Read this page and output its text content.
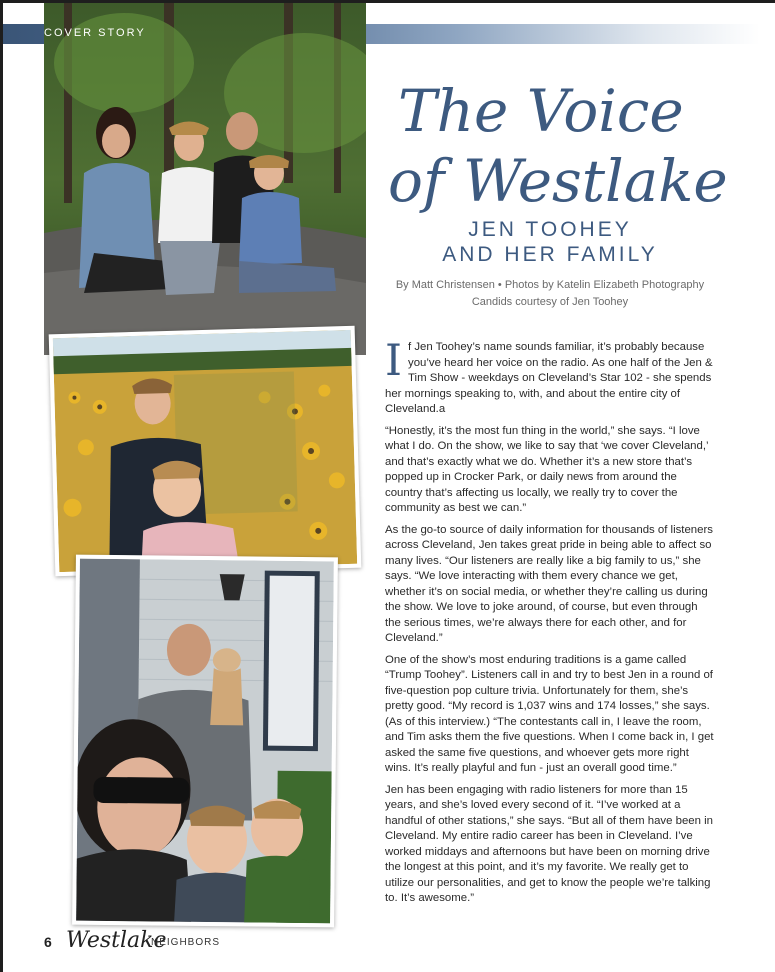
COVER STORY
The Voice
of Westlake
JEN TOOHEY
AND HER FAMILY
By Matt Christensen • Photos by Katelin Elizabeth Photography
Candids courtesy of Jen Toohey

If Jen Toohey’s name sounds familiar, it’s probably because you’ve heard her voice on the radio. As one half of the Jen & Tim Show - weekdays on Cleveland’s Star 102 - she spends her mornings speaking to, with, and about the entire city of Cleveland.a

“Honestly, it’s the most fun thing in the world,” she says. “I love what I do. On the show, we like to say that ‘we cover Cleveland,’ and that’s exactly what we do. Whether it’s a new store that’s popped up in Crocker Park, or daily news from around the country that’s affecting us locally, we really try to cover the community as best we can.”

As the go-to source of daily information for thousands of listeners across Cleveland, Jen takes great pride in being able to affect so many lives. “Our listeners are really like a big family to us,” she says. “We love interacting with them every chance we get, whether it’s on social media, or whether they’re calling us during the show. We love to joke around, of course, but even through the serious times, we’re always there for each other, and for Cleveland.”

One of the show’s most enduring traditions is a game called “Trump Toohey”. Listeners call in and try to best Jen in a round of five-question pop culture trivia. Unfortunately for them, she’s pretty good. “My record is 1,037 wins and 174 losses,” she says. (As of this interview.) “The contestants call in, I leave the room, and Tim asks them the five questions. When I come back in, I get asked the same five questions, and whoever gets more right wins. It’s really playful and fun - just an overall good time.”

Jen has been engaging with radio listeners for more than 15 years, and she’s loved every second of it. “I’ve worked at a handful of other stations,” she says. “But all of them have been in Cleveland. My entire radio career has been in Cleveland. I’ve worked middays and afternoons but have been on morning drive the longest at this point, and it’s my favorite. We really get to utilize our personalities, and get to know the people we’re talking to. It’s awesome.”

6 Westlake
NEIGHBORS
